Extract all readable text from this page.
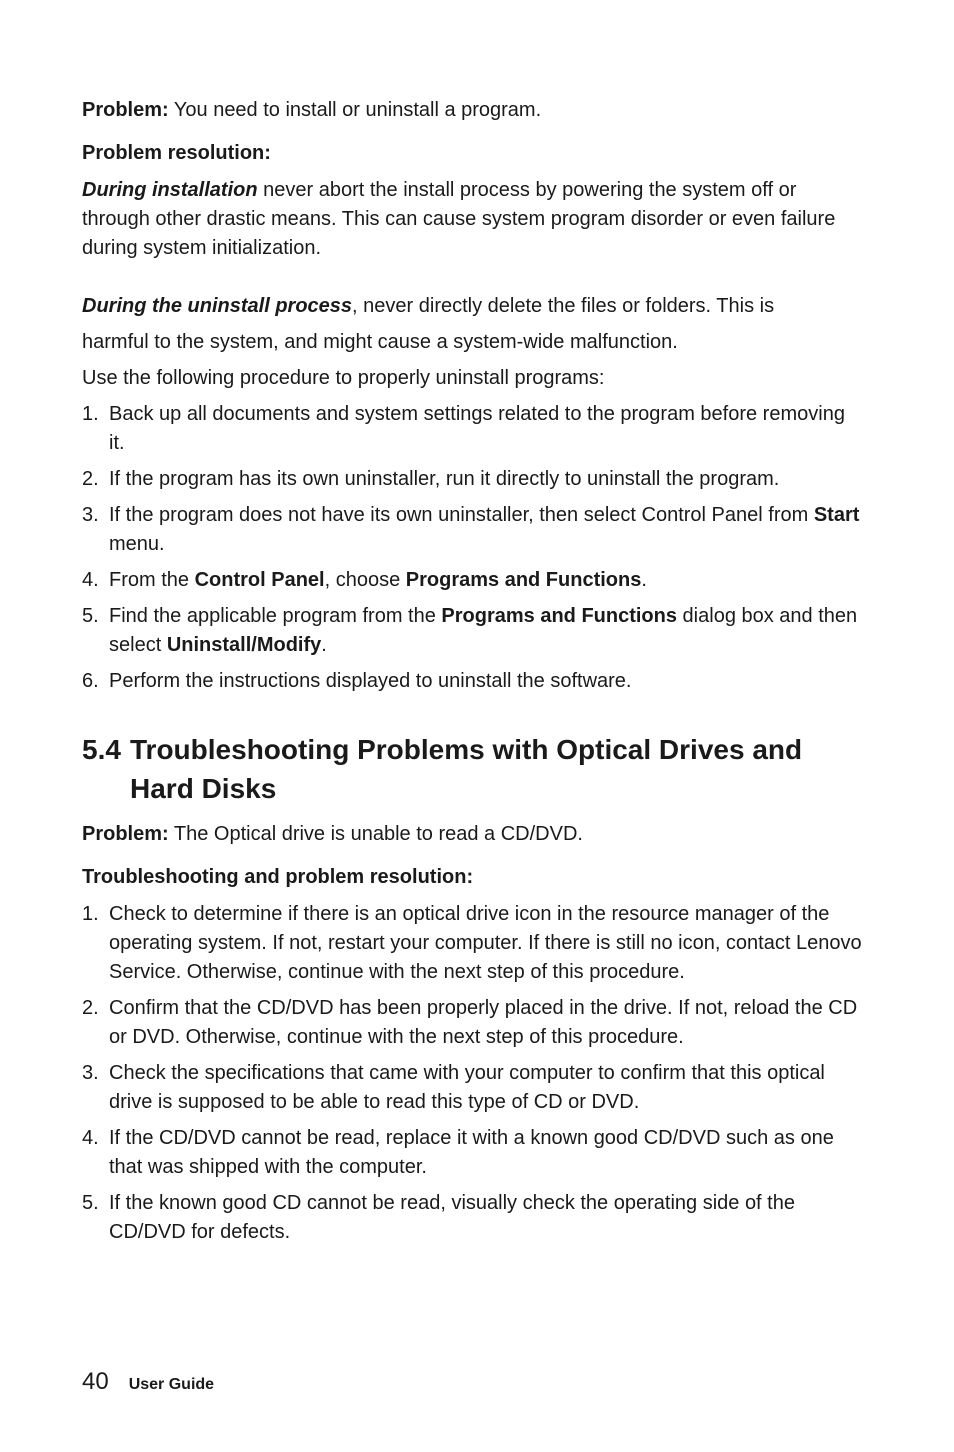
Problem: You need to install or uninstall a program.

Problem resolution:

During installation never abort the install process by powering the system off or through other drastic means. This can cause system program disorder or even failure during system initialization.

During the uninstall process, never directly delete the files or folders. This is

harmful to the system, and might cause a system-wide malfunction.

Use the following procedure to properly uninstall programs:

1. Back up all documents and system settings related to the program before removing it.
2. If the program has its own uninstaller, run it directly to uninstall the program.
3. If the program does not have its own uninstaller, then select Control Panel from Start menu.
4. From the Control Panel, choose Programs and Functions.
5. Find the applicable program from the Programs and Functions dialog box and then select Uninstall/Modify.
6. Perform the instructions displayed to uninstall the software.
5.4 Troubleshooting Problems with Optical Drives and Hard Disks

Problem: The Optical drive is unable to read a CD/DVD.

Troubleshooting and problem resolution:

1. Check to determine if there is an optical drive icon in the resource manager of the operating system. If not, restart your computer. If there is still no icon, contact Lenovo Service. Otherwise, continue with the next step of this procedure.
2. Confirm that the CD/DVD has been properly placed in the drive. If not, reload the CD or DVD. Otherwise, continue with the next step of this procedure.
3. Check the specifications that came with your computer to confirm that this optical drive is supposed to be able to read this type of CD or DVD.
4. If the CD/DVD cannot be read, replace it with a known good CD/DVD such as one that was shipped with the computer.
5. If the known good CD cannot be read, visually check the operating side of the CD/DVD for defects.
40 User Guide
